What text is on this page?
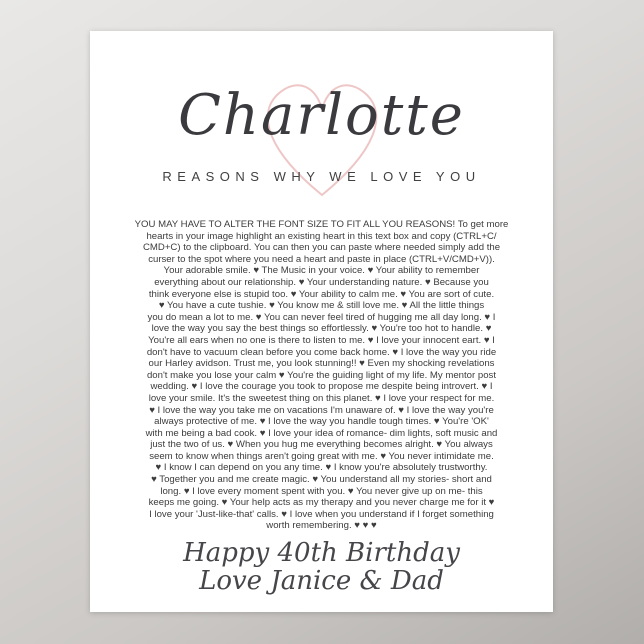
Charlotte
REASONS WHY WE LOVE YOU
YOU MAY HAVE TO ALTER THE FONT SIZE TO FIT ALL YOU REASONS! To get more
hearts in your image highlight an existing heart in this text box and copy (CTRL+C/
CMD+C) to the clipboard. You can then you can paste where needed simply add the
curser to the spot where you need a heart and paste in place (CTRL+V/CMD+V)).
Your adorable smile. ♥ The Music in your voice. ♥ Your ability to remember
everything about our relationship. ♥ Your understanding nature. ♥ Because you
think everyone else is stupid too. ♥ Your ability to calm me. ♥ You are sort of cute.
♥ You have a cute tushie. ♥ You know me & still love me. ♥ All the little things
you do mean a lot to me. ♥ You can never feel tired of hugging me all day long. ♥ I
love the way you say the best things so effortlessly. ♥ You're too hot to handle. ♥
You're all ears when no one is there to listen to me. ♥ I love your innocent eart. ♥ I
don't have to vacuum clean before you come back home. ♥ I love the way you ride
our Harley avidson. Trust me, you look stunning!! ♥ Even my shocking revelations
don't make you lose your calm ♥ You're the guiding light of my life. My mentor post
wedding. ♥ I love the courage you took to propose me despite being introvert. ♥ I
love your smile. It's the sweetest thing on this planet. ♥ I love your respect for me.
♥ I love the way you take me on vacations I'm unaware of. ♥ I love the way you're
always protective of me. ♥ I love the way you handle tough times. ♥ You're 'OK'
with me being a bad cook. ♥ I love your idea of romance- dim lights, soft music and
just the two of us. ♥ When you hug me everything becomes alright. ♥ You always
seem to know when things aren't going great with me. ♥ You never intimidate me.
♥ I know I can depend on you any time. ♥ I know you're absolutely trustworthy.
♥ Together you and me create magic. ♥ You understand all my stories- short and
long. ♥ I love every moment spent with you. ♥ You never give up on me- this
keeps me going. ♥ Your help acts as my therapy and you never charge me for it ♥
I love your 'Just-like-that' calls. ♥ I love when you understand if I forget something
worth remembering. ♥ ♥ ♥
Happy 40th Birthday
Love Janice & Dad
